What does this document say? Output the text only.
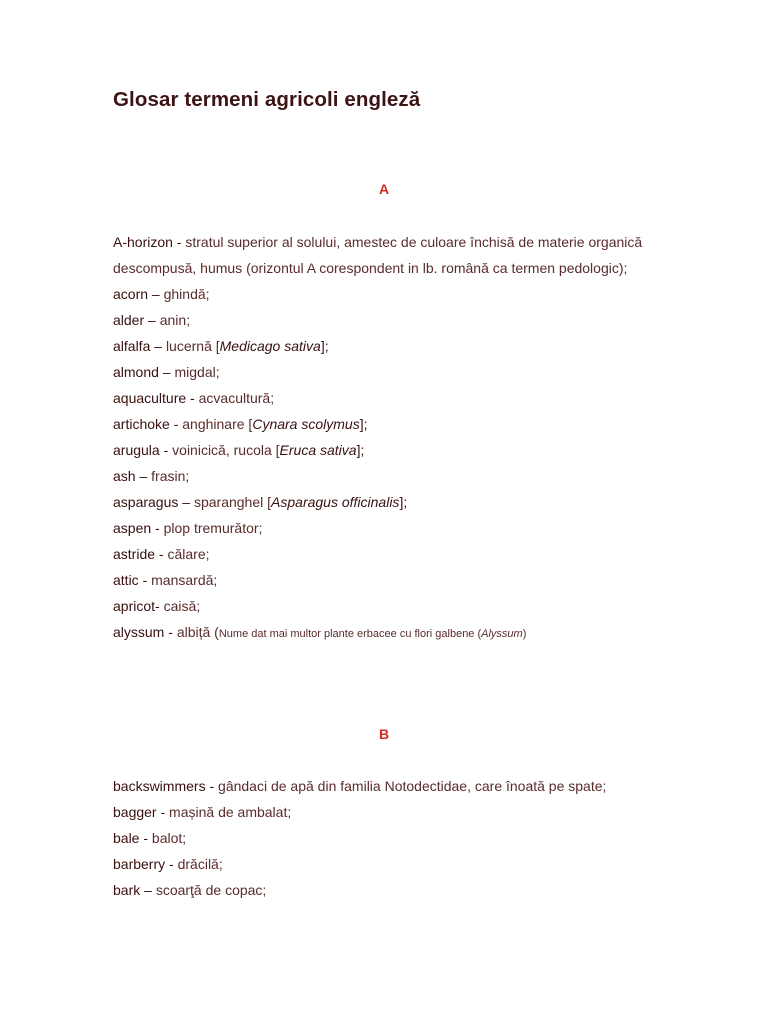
Glosar termeni agricoli engleză
A
A-horizon - stratul superior al solului, amestec de culoare închisă de materie organică descompusă, humus (orizontul A corespondent in lb. română ca termen pedologic);
acorn – ghindă;
alder – anin;
alfalfa – lucernă [Medicago sativa];
almond – migdal;
aquaculture - acvacultură;
artichoke - anghinare [Cynara scolymus];
arugula - voinicică, rucola [Eruca sativa];
ash – frasin;
asparagus – sparanghel [Asparagus officinalis];
aspen - plop tremurător;
astride - călare;
attic - mansardă;
apricot- caisă;
alyssum - albiță (Nume dat mai multor plante erbacee cu flori galbene (Alyssum)
B
backswimmers - gândaci de apă din familia Notodectidae, care înoată pe spate;
bagger - mașină de ambalat;
bale - balot;
barberry - drăcilă;
bark – scoarţă de copac;
